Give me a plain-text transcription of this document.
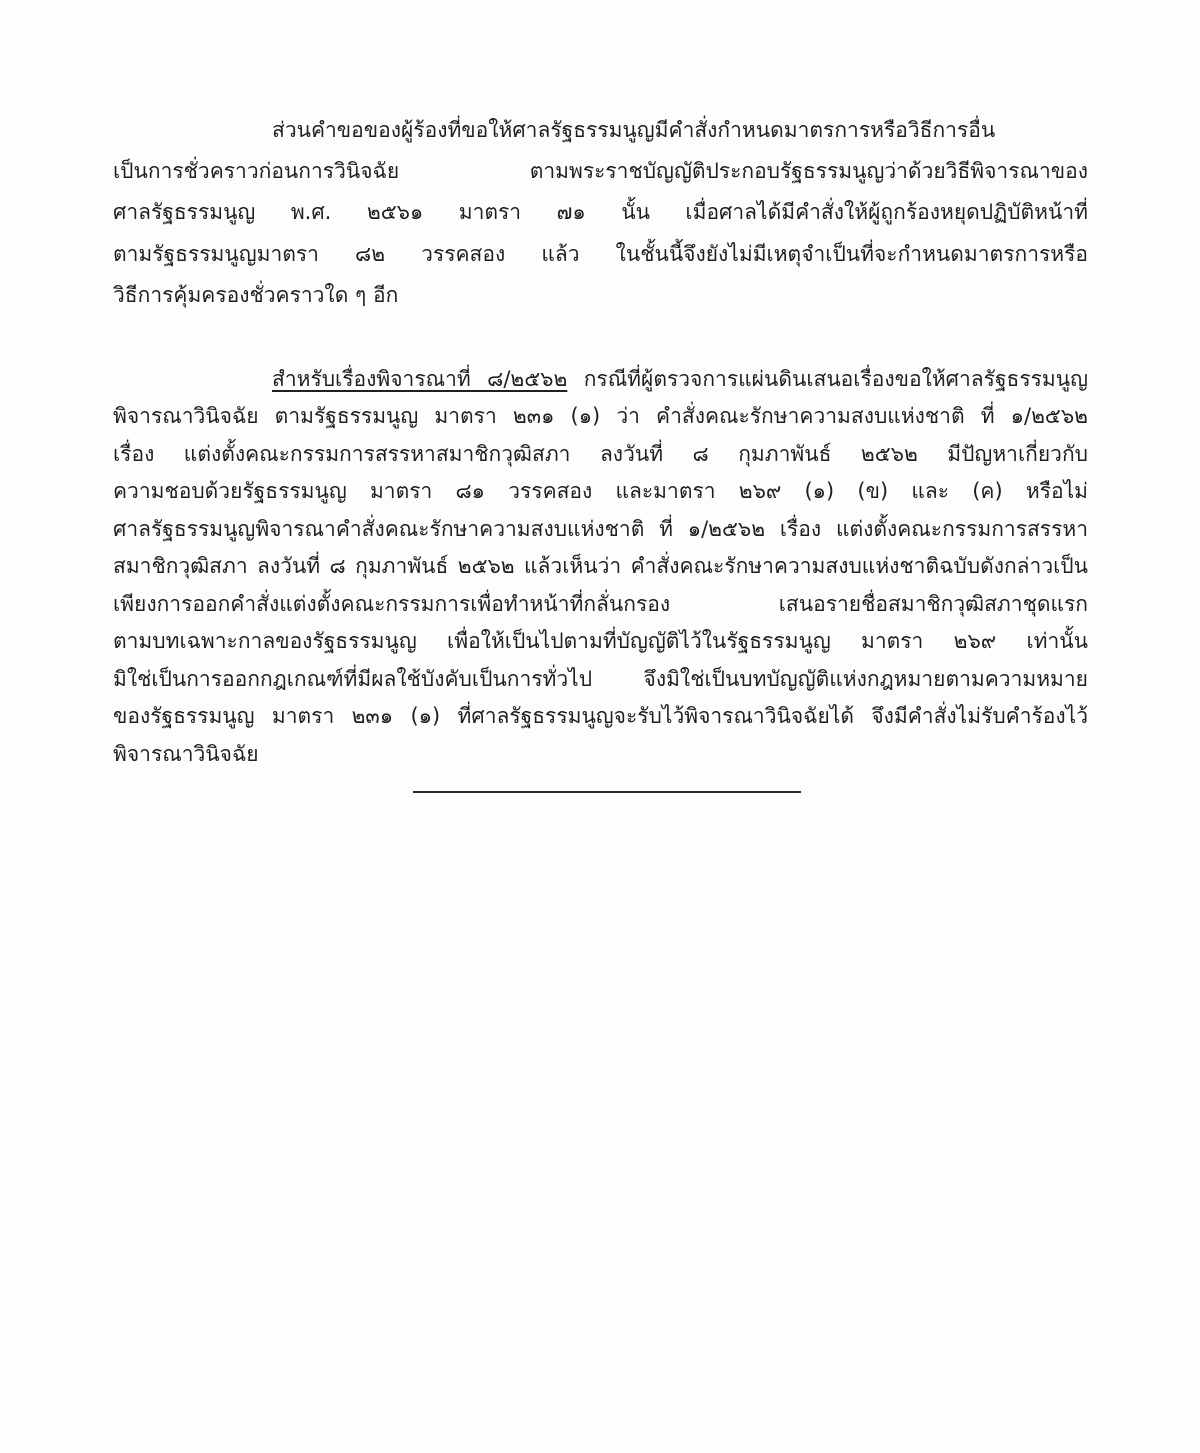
ส่วนคำขอของผู้ร้องที่ขอให้ศาลรัฐธรรมนูญมีคำสั่งกำหนดมาตรการหรือวิธีการอื่น
เป็นการชั่วคราวก่อนการวินิจฉัย ตามพระราชบัญญัติประกอบรัฐธรรมนูญว่าด้วยวิธีพิจารณาของ
ศาลรัฐธรรมนูญ พ.ศ. ๒๕๖๑ มาตรา ๗๑ นั้น เมื่อศาลได้มีคำสั่งให้ผู้ถูกร้องหยุดปฏิบัติหน้าที่
ตามรัฐธรรมนูญมาตรา ๘๒ วรรคสอง แล้ว ในชั้นนี้จึงยังไม่มีเหตุจำเป็นที่จะกำหนดมาตรการหรือ
วิธีการคุ้มครองชั่วคราวใด ๆ อีก
สำหรับเรื่องพิจารณาที่ ๘/๒๕๖๒ กรณีที่ผู้ตรวจการแผ่นดินเสนอเรื่องขอให้ศาลรัฐธรรมนูญ
พิจารณาวินิจฉัย ตามรัฐธรรมนูญ มาตรา ๒๓๑ (๑) ว่า คำสั่งคณะรักษาความสงบแห่งชาติ ที่ ๑/๒๕๖๒
เรื่อง แต่งตั้งคณะกรรมการสรรหาสมาชิกวุฒิสภา ลงวันที่ ๘ กุมภาพันธ์ ๒๕๖๒ มีปัญหาเกี่ยวกับ
ความชอบด้วยรัฐธรรมนูญ มาตรา ๘๑ วรรคสอง และมาตรา ๒๖๙ (๑) (ข) และ (ค) หรือไม่
ศาลรัฐธรรมนูญพิจารณาคำสั่งคณะรักษาความสงบแห่งชาติ ที่ ๑/๒๕๖๒ เรื่อง แต่งตั้งคณะกรรมการสรรหา
สมาชิกวุฒิสภา ลงวันที่ ๘ กุมภาพันธ์ ๒๕๖๒ แล้วเห็นว่า คำสั่งคณะรักษาความสงบแห่งชาติฉบับดังกล่าวเป็น
เพียงการออกคำสั่งแต่งตั้งคณะกรรมการเพื่อทำหน้าที่กลั่นกรอง เสนอรายชื่อสมาชิกวุฒิสภาชุดแรก
ตามบทเฉพาะกาลของรัฐธรรมนูญ เพื่อให้เป็นไปตามที่บัญญัติไว้ในรัฐธรรมนูญ มาตรา ๒๖๙ เท่านั้น
มิใช่เป็นการออกกฎเกณฑ์ที่มีผลใช้บังคับเป็นการทั่วไป จึงมิใช่เป็นบทบัญญัติแห่งกฎหมายตามความหมาย
ของรัฐธรรมนูญ มาตรา ๒๓๑ (๑) ที่ศาลรัฐธรรมนูญจะรับไว้พิจารณาวินิจฉัยได้ จึงมีคำสั่งไม่รับคำร้องไว้
พิจารณาวินิจฉัย
